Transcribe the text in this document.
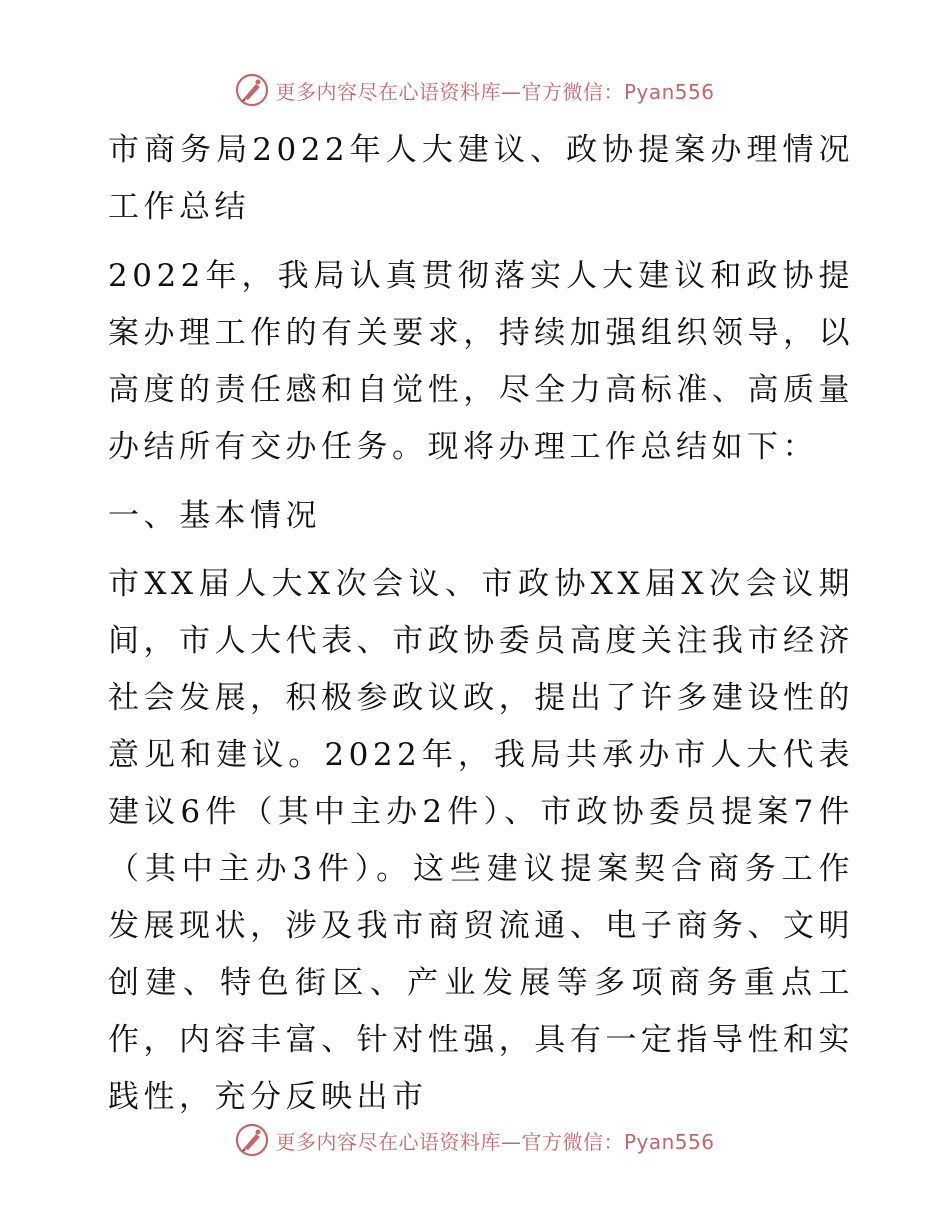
更多内容尽在心语资料库—官方微信：Pyan556

市商务局2022年人大建议、政协提案办理情况工作总结

2022年，我局认真贯彻落实人大建议和政协提案办理工作的有关要求，持续加强组织领导，以高度的责任感和自觉性，尽全力高标准、高质量办结所有交办任务。现将办理工作总结如下：

一、基本情况

市XX届人大X次会议、市政协XX届X次会议期间，市人大代表、市政协委员高度关注我市经济社会发展，积极参政议政，提出了许多建设性的意见和建议。2022年，我局共承办市人大代表建议6件（其中主办2件）、市政协委员提案7件（其中主办3件）。这些建议提案契合商务工作发展现状，涉及我市商贸流通、电子商务、文明创建、特色街区、产业发展等多项商务重点工作，内容丰富、针对性强，具有一定指导性和实践性，充分反映出市

更多内容尽在心语资料库—官方微信：Pyan556
